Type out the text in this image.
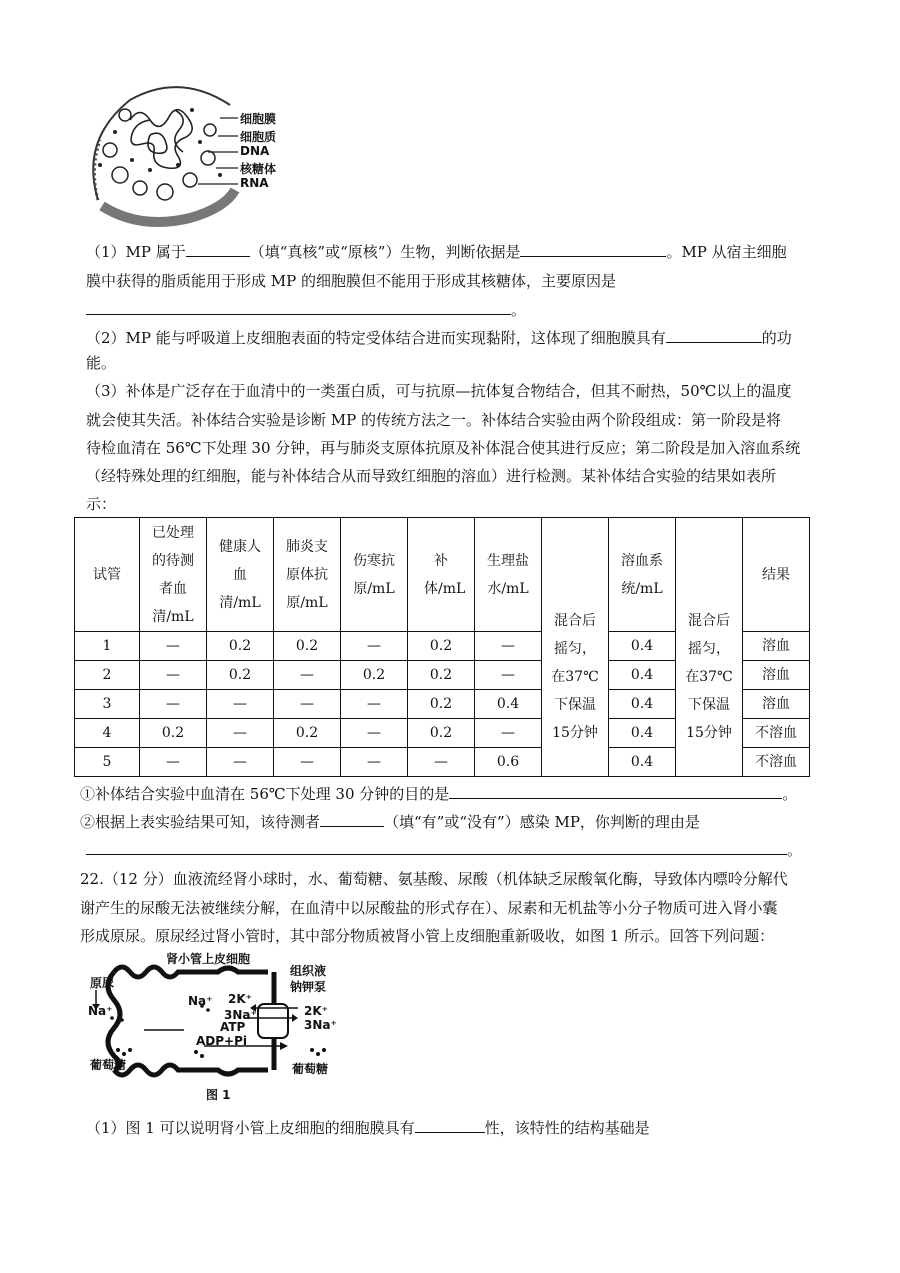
细胞膜
细胞质
DNA
核糖体
RNA
（1）MP 属于	（填“真核”或“原核”）生物，判断依据是	。MP 从宿主细胞
膜中获得的脂质能用于形成 MP 的细胞膜但不能用于形成其核糖体，主要原因是
。
（2）MP 能与呼吸道上皮细胞表面的特定受体结合进而实现黏附，这体现了细胞膜具有	的功
能。
（3）补体是广泛存在于血清中的一类蛋白质，可与抗原—抗体复合物结合，但其不耐热，50℃以上的温度
就会使其失活。补体结合实验是诊断 MP 的传统方法之一。补体结合实验由两个阶段组成：第一阶段是将
待检血清在 56℃下处理 30 分钟，再与肺炎支原体抗原及补体混合使其进行反应；第二阶段是加入溶血系统
（经特殊处理的红细胞，能与补体结合从而导致红细胞的溶血）进行检测。某补体结合实验的结果如表所
示：
试管	已处理的待测者血清/mL	健康人血清/mL	肺炎支原体抗原/mL	伤寒抗原/mL	补体/mL	生理盐水/mL	混合后摇匀，在37℃下保温15分钟	溶血系统/mL	混合后摇匀，在37℃下保温15分钟	结果
1	—	0.2	0.2	—	0.2	—		0.4		溶血
2	—	0.2	—	0.2	0.2	—		0.4		溶血
3	—	—	—	—	0.2	0.4		0.4		溶血
4	0.2	—	0.2	—	0.2	—		0.4		不溶血
5	—	—	—	—	—	0.6		0.4		不溶血
①补体结合实验中血清在 56℃下处理 30 分钟的目的是	。
②根据上表实验结果可知，该待测者	（填“有”或“没有”）感染 MP，你判断的理由是
。
22.（12 分）血液流经肾小球时，水、葡萄糖、氨基酸、尿酸（机体缺乏尿酸氧化酶，导致体内嘌呤分解代
谢产生的尿酸无法被继续分解，在血清中以尿酸盐的形式存在）、尿素和无机盐等小分子物质可进入肾小囊
形成原尿。原尿经过肾小管时，其中部分物质被肾小管上皮细胞重新吸收，如图 1 所示。回答下列问题：
肾小管上皮细胞
组织液
钠钾泵
原尿
Na⁺
Na⁺ 2K⁺
3Na⁺
ATP
ADP+Pi
2K⁺
3Na⁺
葡萄糖	葡萄糖
图 1
（1）图 1 可以说明肾小管上皮细胞的细胞膜具有	性，该特性的结构基础是
